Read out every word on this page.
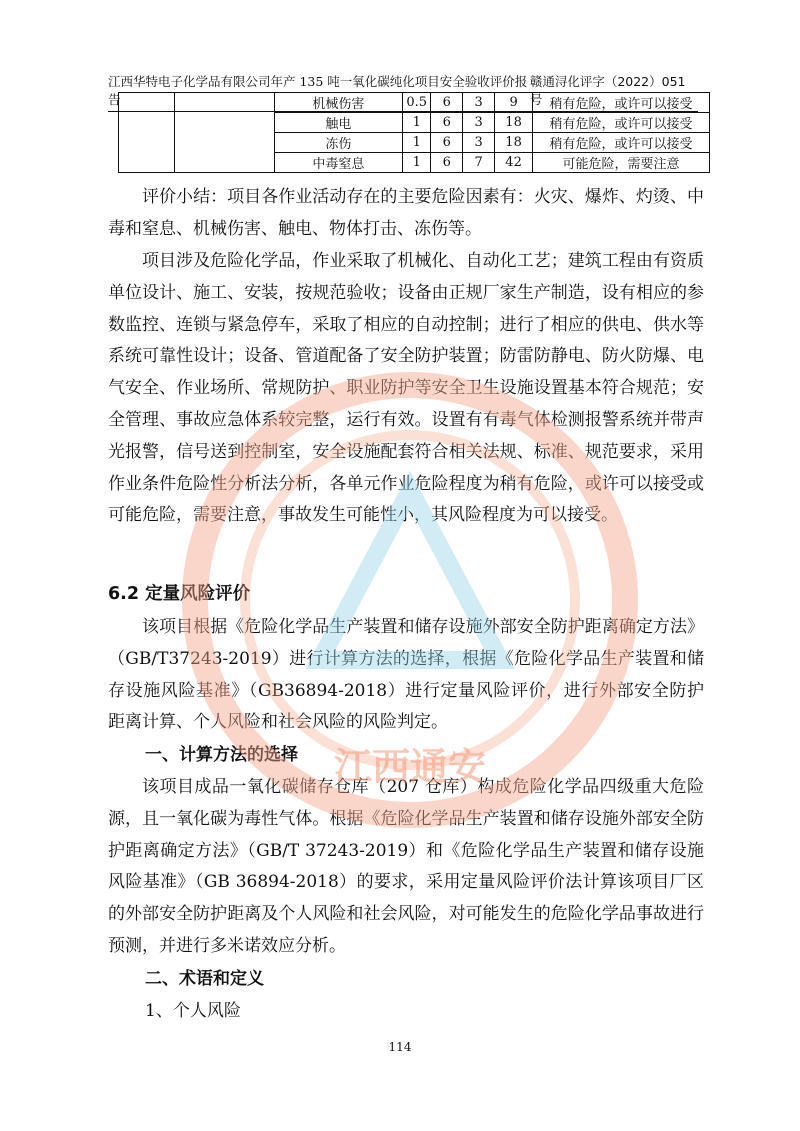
江西华特电子化学品有限公司年产 135 吨一氧化碳纯化项目安全验收评价报告
赣通浔化评字（2022）051 号
		机械伤害	0.5	6	3	9	稍有危险，或许可以接受
		触电	1	6	3	18	稍有危险，或许可以接受
		冻伤	1	6	3	18	稍有危险，或许可以接受
		中毒窒息	1	6	7	42	可能危险，需要注意

评价小结：项目各作业活动存在的主要危险因素有：火灾、爆炸、灼烫、中毒和窒息、机械伤害、触电、物体打击、冻伤等。

项目涉及危险化学品，作业采取了机械化、自动化工艺；建筑工程由有资质单位设计、施工、安装，按规范验收；设备由正规厂家生产制造，设有相应的参数监控、连锁与紧急停车，采取了相应的自动控制；进行了相应的供电、供水等系统可靠性设计；设备、管道配备了安全防护装置；防雷防静电、防火防爆、电气安全、作业场所、常规防护、职业防护等安全卫生设施设置基本符合规范；安全管理、事故应急体系较完整，运行有效。设置有有毒气体检测报警系统并带声光报警，信号送到控制室，安全设施配套符合相关法规、标准、规范要求，采用作业条件危险性分析法分析，各单元作业危险程度为稍有危险，或许可以接受或可能危险，需要注意，事故发生可能性小，其风险程度为可以接受。

6.2 定量风险评价

该项目根据《危险化学品生产装置和储存设施外部安全防护距离确定方法》（GB/T37243-2019）进行计算方法的选择，根据《危险化学品生产装置和储存设施风险基准》（GB36894-2018）进行定量风险评价，进行外部安全防护距离计算、个人风险和社会风险的风险判定。

一、计算方法的选择

该项目成品一氧化碳储存仓库（207 仓库）构成危险化学品四级重大危险源，且一氧化碳为毒性气体。根据《危险化学品生产装置和储存设施外部安全防护距离确定方法》（GB/T 37243-2019）和《危险化学品生产装置和储存设施风险基准》（GB 36894-2018）的要求，采用定量风险评价法计算该项目厂区的外部安全防护距离及个人风险和社会风险，对可能发生的危险化学品事故进行预测，并进行多米诺效应分析。

二、术语和定义

1、个人风险

江西通安
114
